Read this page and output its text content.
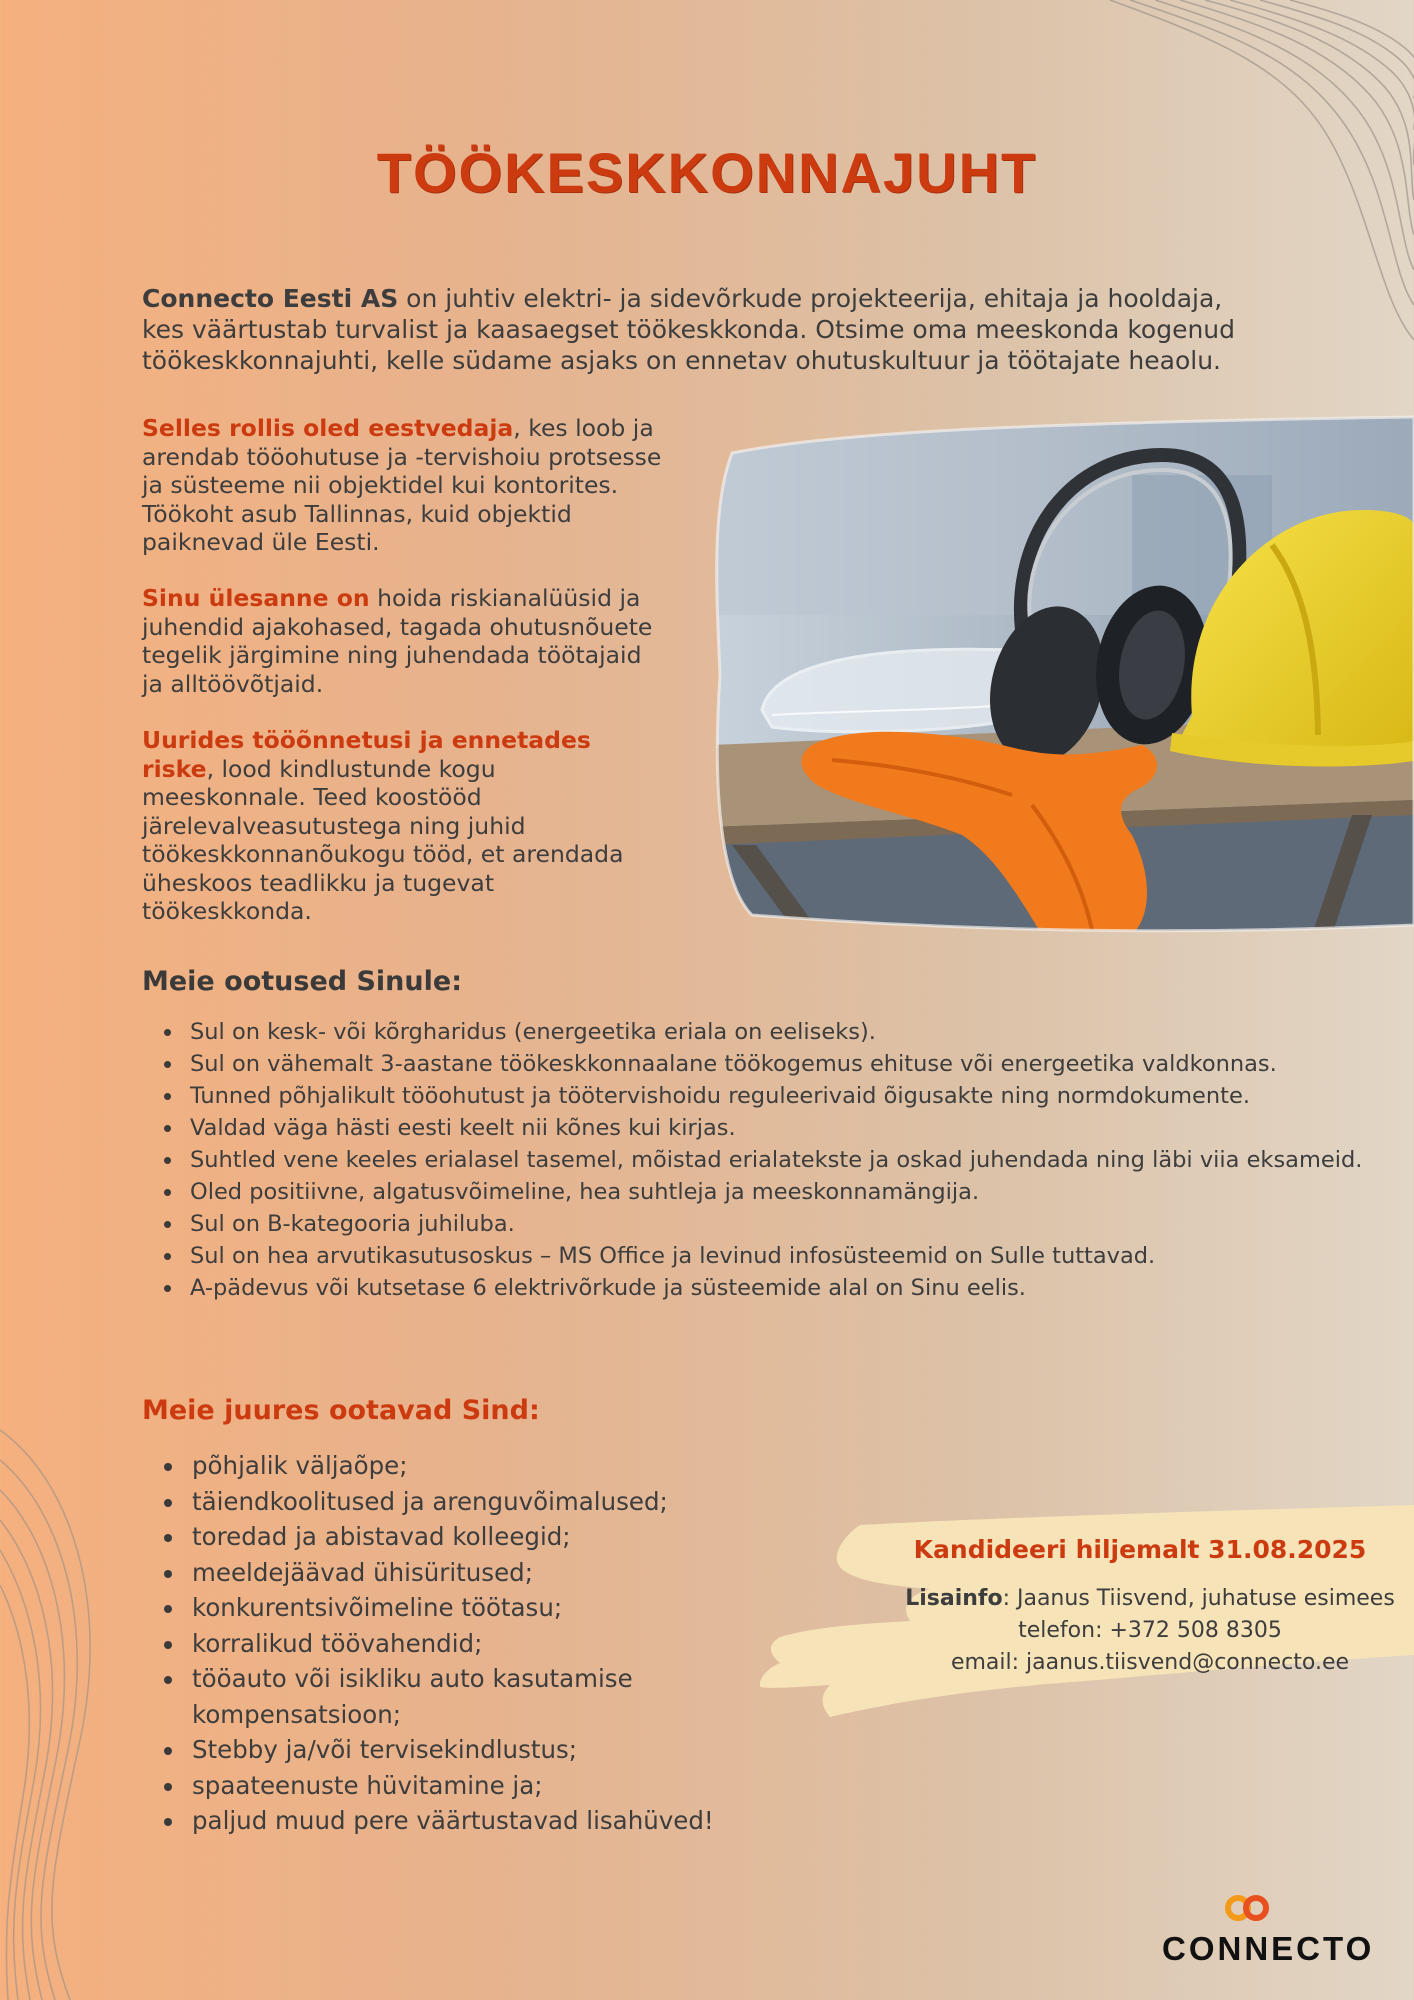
TÖÖKESKKONNAJUHT
Connecto Eesti AS on juhtiv elektri- ja sidevõrkude projekteerija, ehitaja ja hooldaja, kes väärtustab turvalist ja kaasaegset töökeskkonda. Otsime oma meeskonda kogenud töökeskkonnajuhti, kelle südame asjaks on ennetav ohutuskultuur ja töötajate heaolu.
Selles rollis oled eestvedaja, kes loob ja arendab tööohutuse ja -tervishoiu protsesse ja süsteeme nii objektidel kui kontorites. Töökoht asub Tallinnas, kuid objektid paiknevad üle Eesti.
Sinu ülesanne on hoida riskianalüüsid ja juhendid ajakohased, tagada ohutusnõuete tegelik järgimine ning juhendada töötajaid ja alltöövõtjaid.
Uurides tööõnnetusi ja ennetades riske, lood kindlustunde kogu meeskonnale. Teed koostööd järelevalveasutustega ning juhid töökeskkonnanõukogu tööd, et arendada üheskoos teadlikku ja tugevat töökeskkonda.
Meie ootused Sinule:
• Sul on kesk- või kõrgharidus (energeetika eriala on eeliseks).
• Sul on vähemalt 3-aastane töökeskkonnaalane töökogemus ehituse või energeetika valdkonnas.
• Tunned põhjalikult tööohutust ja töötervishoidu reguleerivaid õigusakte ning normdokumente.
• Valdad väga hästi eesti keelt nii kõnes kui kirjas.
• Suhtled vene keeles erialasel tasemel, mõistad erialatekste ja oskad juhendada ning läbi viia eksameid.
• Oled positiivne, algatusvõimeline, hea suhtleja ja meeskonnamängija.
• Sul on B-kategooria juhiluba.
• Sul on hea arvutikasutusoskus – MS Office ja levinud infosüsteemid on Sulle tuttavad.
• A-pädevus või kutsetase 6 elektrivõrkude ja süsteemide alal on Sinu eelis.
Meie juures ootavad Sind:
• põhjalik väljaõpe;
• täiendkoolitused ja arenguvõimalused;
• toredad ja abistavad kolleegid;
• meeldejäävad ühisüritused;
• konkurentsivõimeline töötasu;
• korralikud töövahendid;
• tööauto või isikliku auto kasutamise kompensatsioon;
• Stebby ja/või tervisekindlustus;
• spaateenuste hüvitamine ja;
• paljud muud pere väärtustavad lisahüved!
Kandideeri hiljemalt 31.08.2025
Lisainfo: Jaanus Tiisvend, juhatuse esimees
telefon: +372 508 8305
email: jaanus.tiisvend@connecto.ee
CONNECTO
